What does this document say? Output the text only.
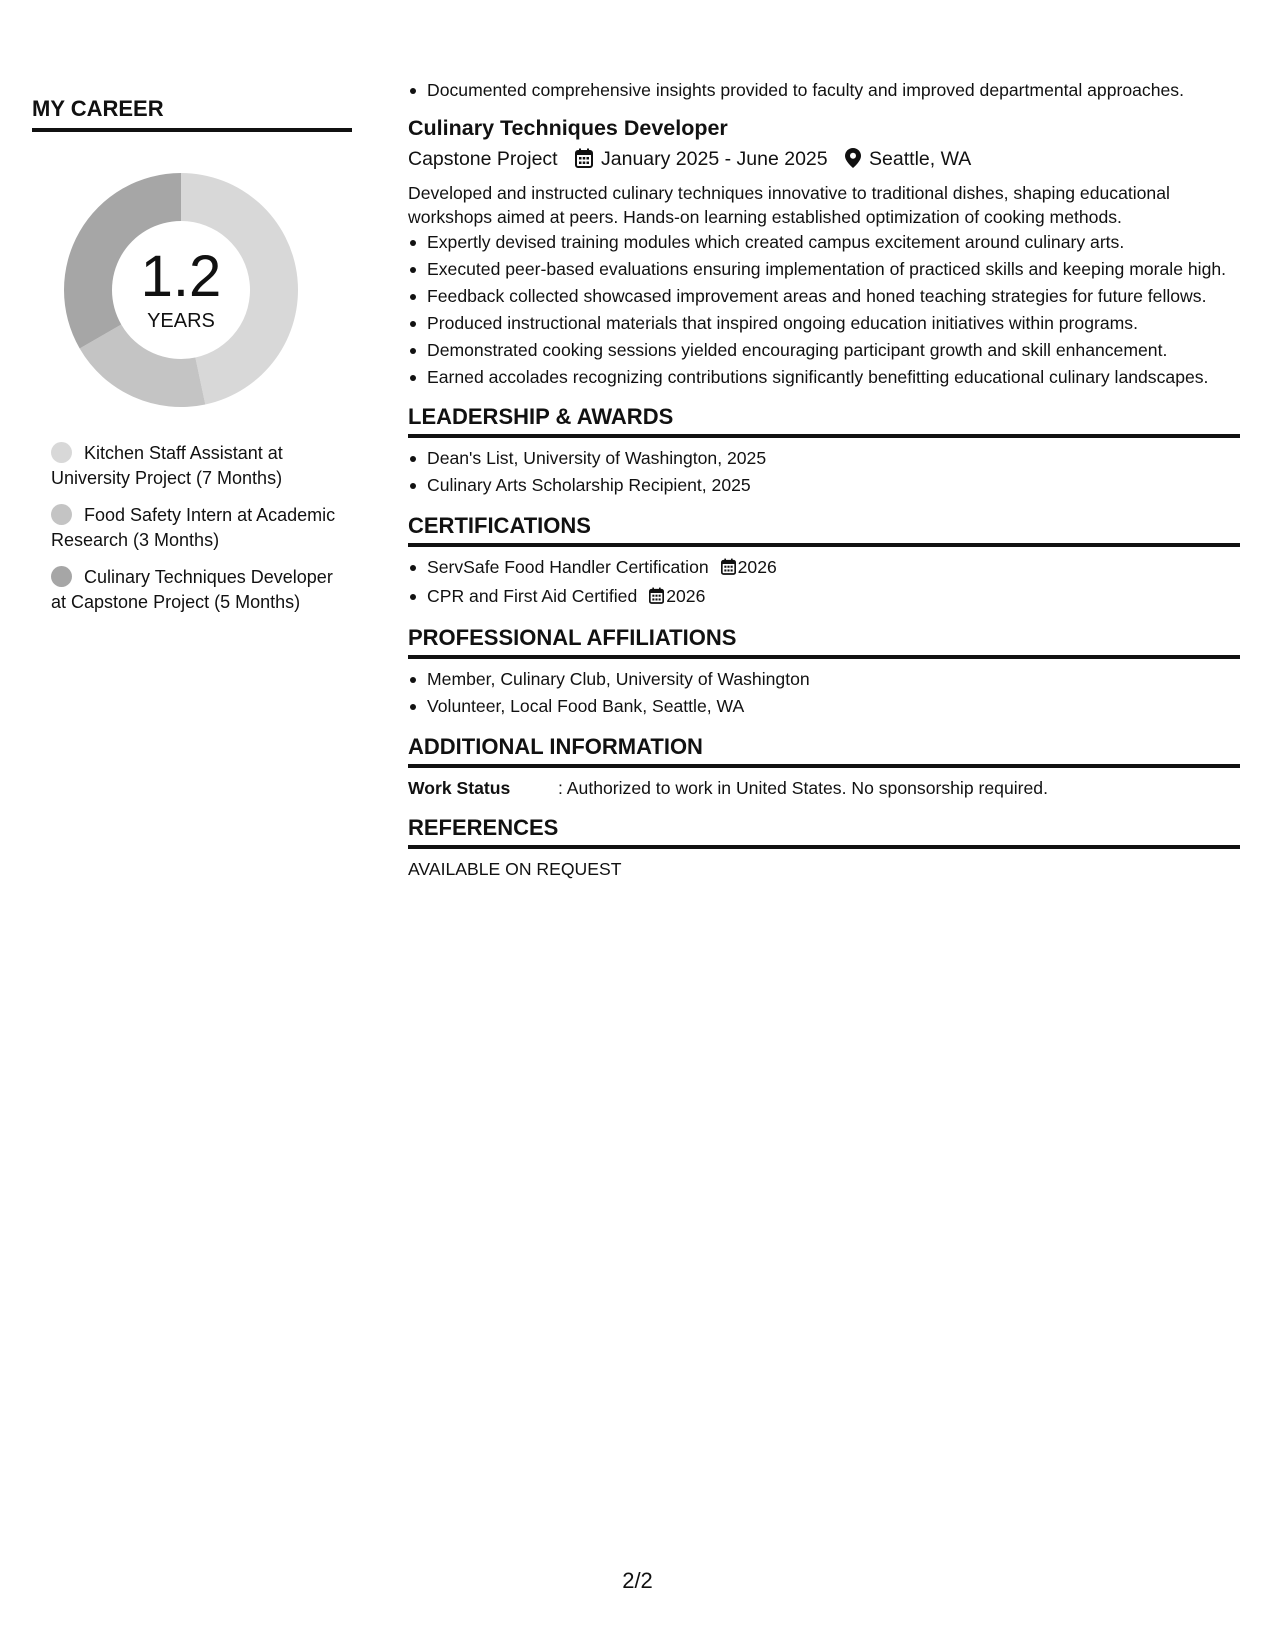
MY CAREER
1.2
YEARS
Kitchen Staff Assistant at University Project (7 Months)
Food Safety Intern at Academic Research (3 Months)
Culinary Techniques Developer at Capstone Project (5 Months)
Documented comprehensive insights provided to faculty and improved departmental approaches.
Culinary Techniques Developer
Capstone Project January 2025 - June 2025 Seattle, WA

Developed and instructed culinary techniques innovative to traditional dishes, shaping educational workshops aimed at peers. Hands-on learning established optimization of cooking methods.

Expertly devised training modules which created campus excitement around culinary arts.
Executed peer-based evaluations ensuring implementation of practiced skills and keeping morale high.
Feedback collected showcased improvement areas and honed teaching strategies for future fellows.
Produced instructional materials that inspired ongoing education initiatives within programs.
Demonstrated cooking sessions yielded encouraging participant growth and skill enhancement.
Earned accolades recognizing contributions significantly benefitting educational culinary landscapes.
LEADERSHIP & AWARDS
Dean's List, University of Washington, 2025
Culinary Arts Scholarship Recipient, 2025
CERTIFICATIONS
ServSafe Food Handler Certification 2026
CPR and First Aid Certified 2026
PROFESSIONAL AFFILIATIONS
Member, Culinary Club, University of Washington
Volunteer, Local Food Bank, Seattle, WA
ADDITIONAL INFORMATION
Work Status	: Authorized to work in United States. No sponsorship required.
REFERENCES

AVAILABLE ON REQUEST

2/2
